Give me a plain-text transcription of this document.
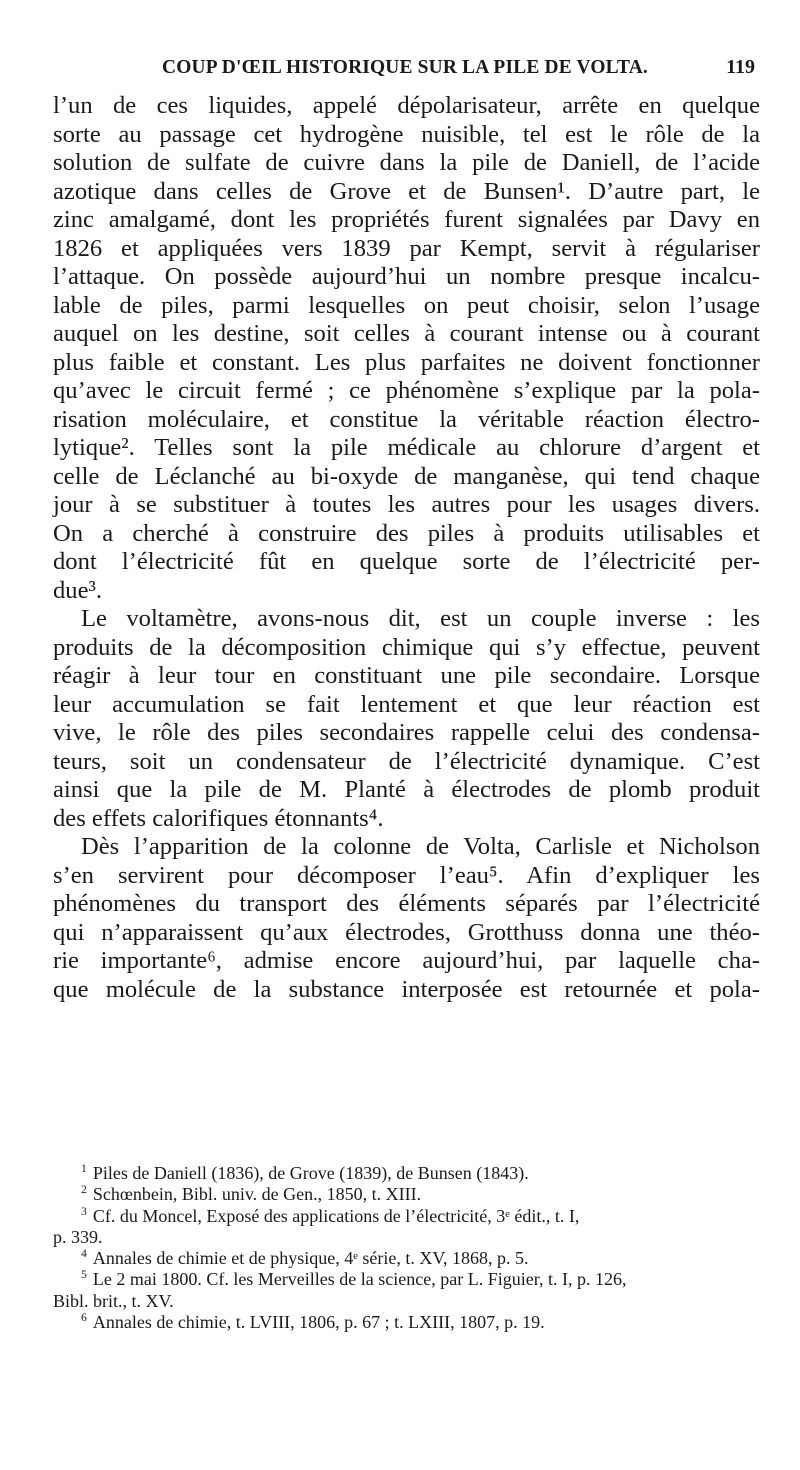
COUP D'ŒIL HISTORIQUE SUR LA PILE DE VOLTA.	119
l’un de ces liquides, appelé dépolarisateur, arrête en quelque
sorte au passage cet hydrogène nuisible, tel est le rôle de la
solution de sulfate de cuivre dans la pile de Daniell, de l’acide
azotique dans celles de Grove et de Bunsen¹. D’autre part, le
zinc amalgamé, dont les propriétés furent signalées par Davy en
1826 et appliquées vers 1839 par Kempt, servit à régulariser
l’attaque. On possède aujourd’hui un nombre presque incalcu-
lable de piles, parmi lesquelles on peut choisir, selon l’usage
auquel on les destine, soit celles à courant intense ou à courant
plus faible et constant. Les plus parfaites ne doivent fonctionner
qu’avec le circuit fermé ; ce phénomène s’explique par la pola-
risation moléculaire, et constitue la véritable réaction électro-
lytique². Telles sont la pile médicale au chlorure d’argent et
celle de Léclanché au bi-oxyde de manganèse, qui tend chaque
jour à se substituer à toutes les autres pour les usages divers.
On a cherché à construire des piles à produits utilisables et
dont l’électricité fût en quelque sorte de l’électricité per-
due³.
Le voltamètre, avons-nous dit, est un couple inverse : les
produits de la décomposition chimique qui s’y effectue, peuvent
réagir à leur tour en constituant une pile secondaire. Lorsque
leur accumulation se fait lentement et que leur réaction est
vive, le rôle des piles secondaires rappelle celui des condensa-
teurs, soit un condensateur de l’électricité dynamique. C’est
ainsi que la pile de M. Planté à électrodes de plomb produit
des effets calorifiques étonnants⁴.
Dès l’apparition de la colonne de Volta, Carlisle et Nicholson
s’en servirent pour décomposer l’eau⁵. Afin d’expliquer les
phénomènes du transport des éléments séparés par l’électricité
qui n’apparaissent qu’aux électrodes, Grotthuss donna une théo-
rie importante⁶, admise encore aujourd’hui, par laquelle cha-
que molécule de la substance interposée est retournée et pola-
$^1$ Piles de Daniell (1836), de Grove (1839), de Bunsen (1843).
$^2$ Schœnbein, Bibl. univ. de Gen., 1850, t. XIII.
$^3$ Cf. du Moncel, Exposé des applications de l’électricité, 3ᵉ édit., t. I,
p. 339.
$^4$ Annales de chimie et de physique, 4ᵉ série, t. XV, 1868, p. 5.
$^5$ Le 2 mai 1800. Cf. les Merveilles de la science, par L. Figuier, t. I, p. 126,
Bibl. brit., t. XV.
$^6$ Annales de chimie, t. LVIII, 1806, p. 67 ; t. LXIII, 1807, p. 19.
